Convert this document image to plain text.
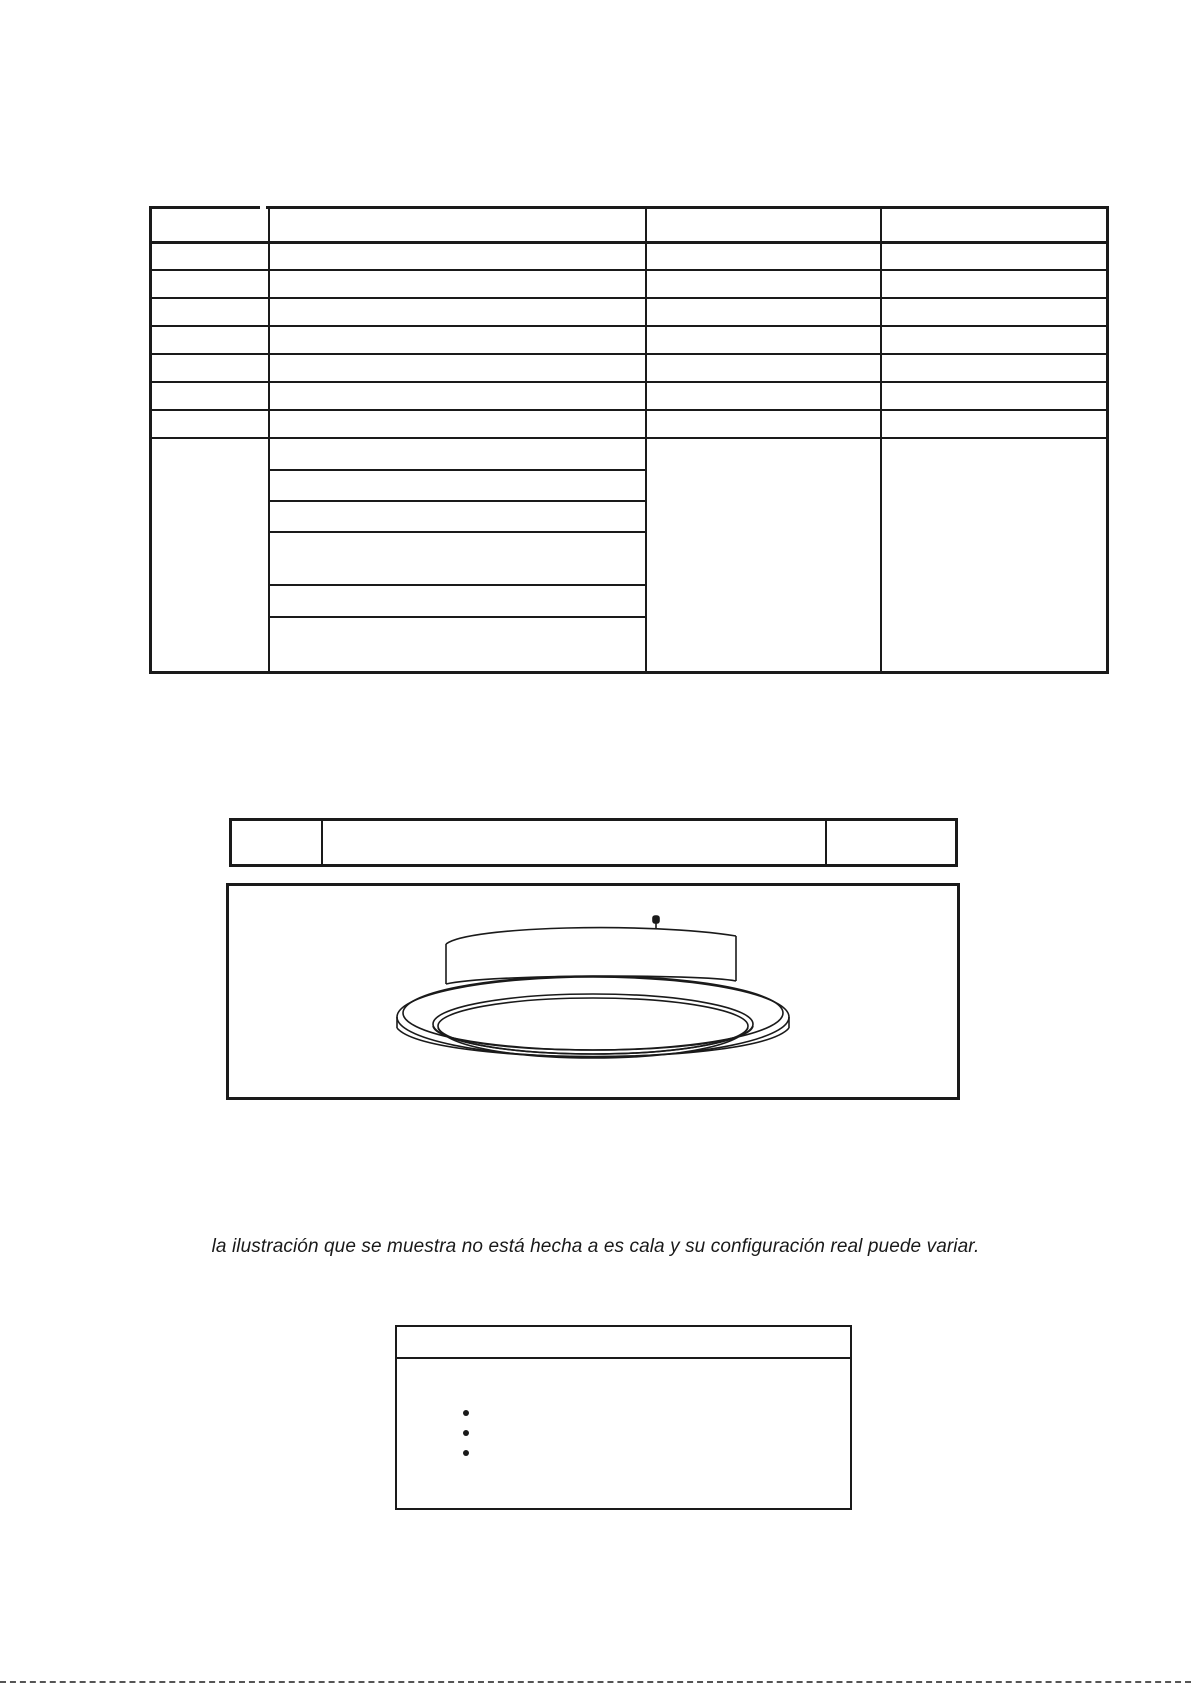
la ilustración que se muestra no está hecha a es cala y su configuración real puede variar.
